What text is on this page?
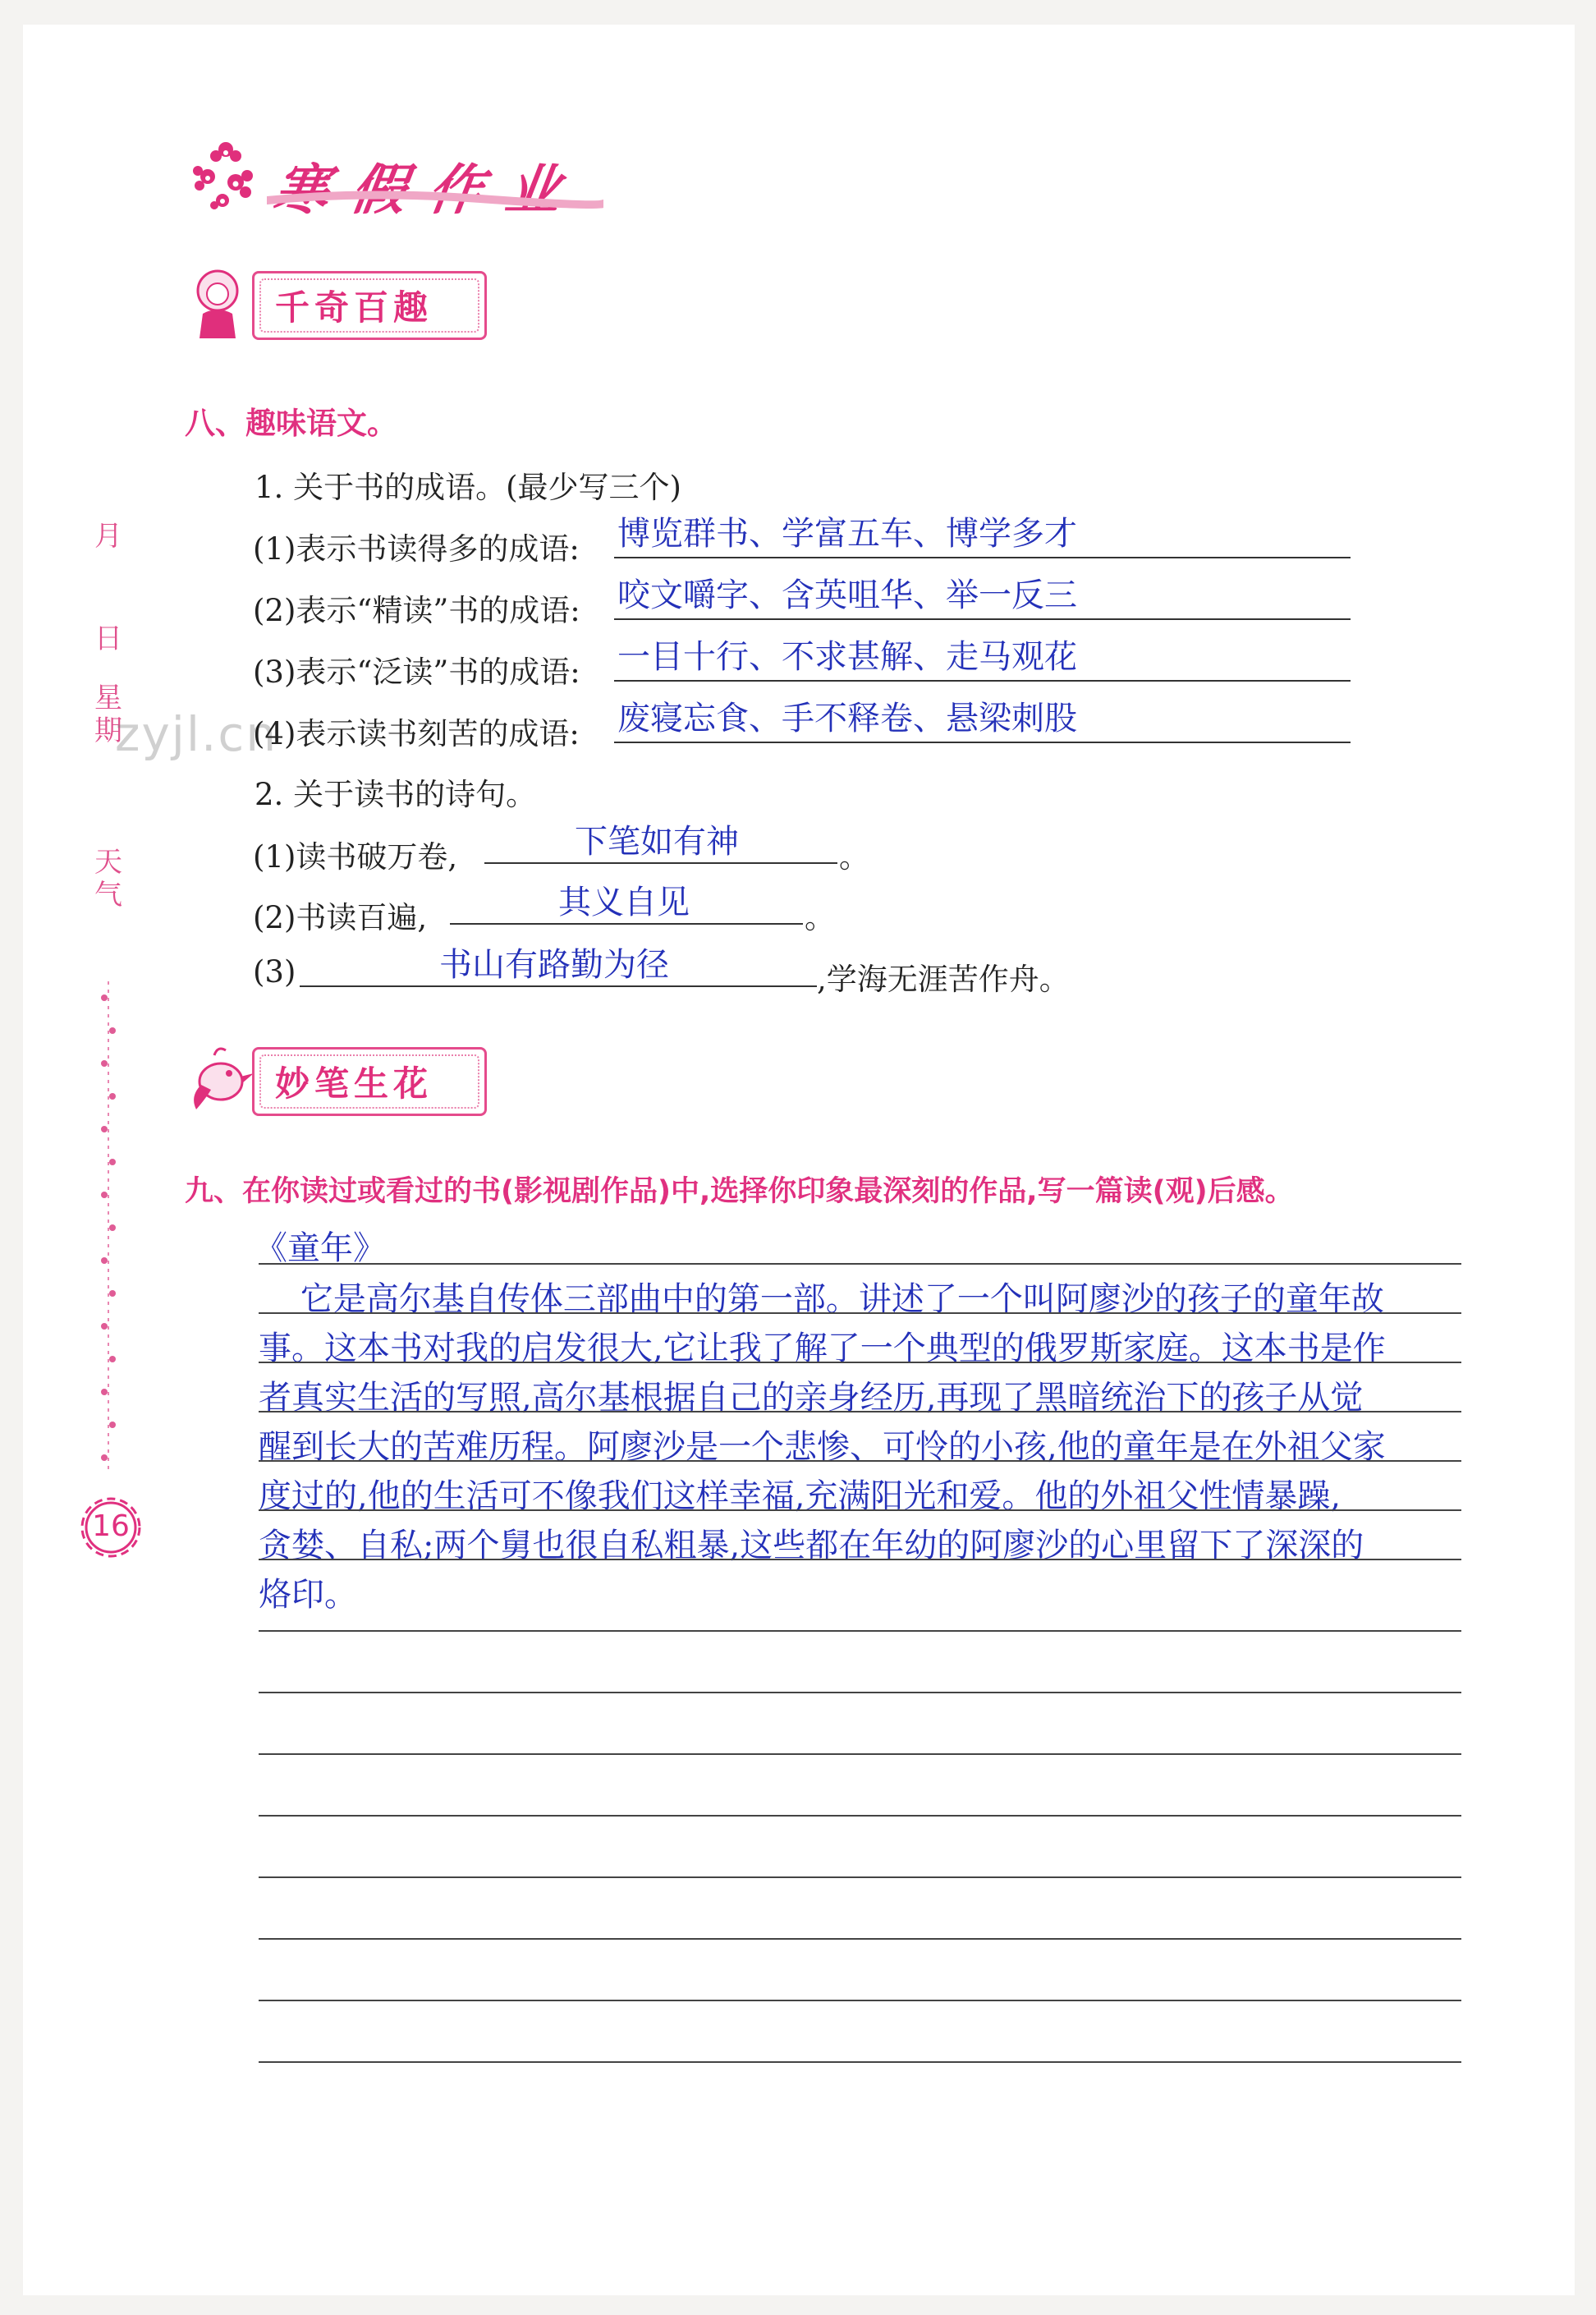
寒假作业
月
日
星期
天气
16
zyjl.cn
千奇百趣
八、趣味语文。
1. 关于书的成语。(最少写三个)
(1)表示书读得多的成语: 博览群书、学富五车、博学多才
(2)表示“精读”书的成语: 咬文嚼字、含英咀华、举一反三
(3)表示“泛读”书的成语: 一目十行、不求甚解、走马观花
(4)表示读书刻苦的成语: 废寝忘食、手不释卷、悬梁刺股
2. 关于读书的诗句。
(1)读书破万卷,	下笔如有神	。
(2)书读百遍,	其义自见	。
(3)	书山有路勤为径	,学海无涯苦作舟。
妙笔生花
九、在你读过或看过的书(影视剧作品)中,选择你印象最深刻的作品,写一篇读(观)后感。
《童年》
它是高尔基自传体三部曲中的第一部。讲述了一个叫阿廖沙的孩子的童年故
事。这本书对我的启发很大,它让我了解了一个典型的俄罗斯家庭。这本书是作
者真实生活的写照,高尔基根据自己的亲身经历,再现了黑暗统治下的孩子从觉
醒到长大的苦难历程。阿廖沙是一个悲惨、可怜的小孩,他的童年是在外祖父家
度过的,他的生活可不像我们这样幸福,充满阳光和爱。他的外祖父性情暴躁,
贪婪、自私;两个舅也很自私粗暴,这些都在年幼的阿廖沙的心里留下了深深的
烙印。
